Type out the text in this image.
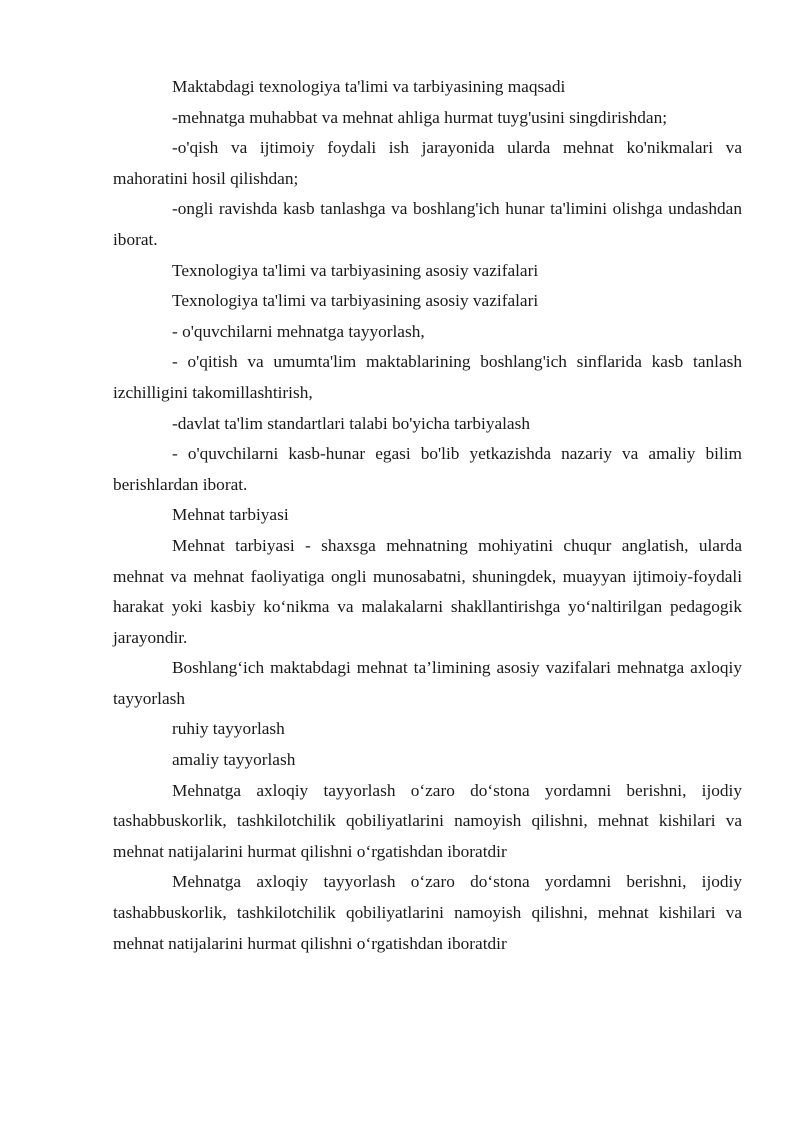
Maktabdagi texnologiya ta'limi va tarbiyasining maqsadi

-mehnatga muhabbat va mehnat ahliga hurmat tuyg'usini singdirishdan;

-o'qish va ijtimoiy foydali ish jarayonida ularda mehnat ko'nikmalari va mahoratini hosil qilishdan;

-ongli ravishda kasb tanlashga va boshlang'ich hunar ta'limini olishga undashdan iborat.

Texnologiya ta'limi va tarbiyasining asosiy vazifalari

Texnologiya ta'limi va tarbiyasining asosiy vazifalari

- o'quvchilarni mehnatga tayyorlash,

- o'qitish va umumta'lim maktablarining boshlang'ich sinflarida kasb tanlash izchilligini takomillashtirish,

-davlat ta'lim standartlari talabi bo'yicha tarbiyalash

- o'quvchilarni kasb-hunar egasi bo'lib yetkazishda nazariy va amaliy bilim berishlardan iborat.

Mehnat tarbiyasi

Mehnat tarbiyasi - shaxsga mehnatning mohiyatini chuqur anglatish, ularda mehnat va mehnat faoliyatiga ongli munosabatni, shuningdek, muayyan ijtimoiy-foydali harakat yoki kasbiy ko‘nikma va malakalarni shakllantirishga yo‘naltirilgan pedagogik jarayondir.

Boshlang‘ich maktabdagi mehnat ta’limining asosiy vazifalari mehnatga axloqiy tayyorlash

ruhiy tayyorlash

amaliy tayyorlash

Mehnatga axloqiy tayyorlash o‘zaro do‘stona yordamni berishni, ijodiy tashabbuskorlik, tashkilotchilik qobiliyatlarini namoyish qilishni, mehnat kishilari va mehnat natijalarini hurmat qilishni o‘rgatishdan iboratdir

Mehnatga axloqiy tayyorlash o‘zaro do‘stona yordamni berishni, ijodiy tashabbuskorlik, tashkilotchilik qobiliyatlarini namoyish qilishni, mehnat kishilari va mehnat natijalarini hurmat qilishni o‘rgatishdan iboratdir
